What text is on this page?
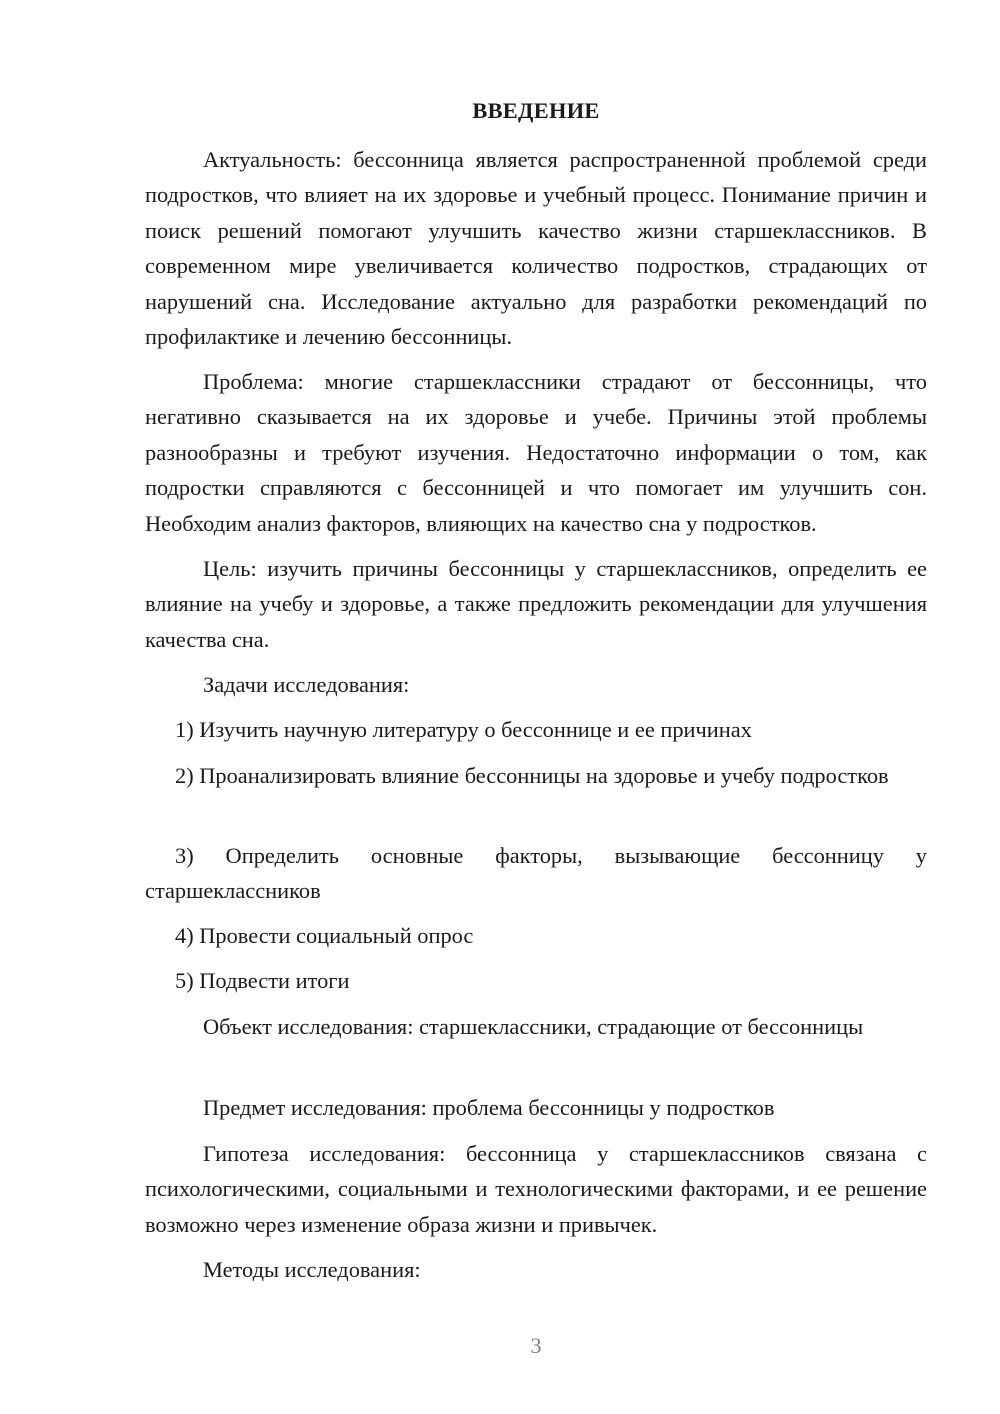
ВВЕДЕНИЕ

Актуальность: бессонница является распространенной проблемой среди подростков, что влияет на их здоровье и учебный процесс. Понимание причин и поиск решений помогают улучшить качество жизни старшеклассников. В современном мире увеличивается количество подростков, страдающих от нарушений сна. Исследование актуально для разработки рекомендаций по профилактике и лечению бессонницы.

Проблема: многие старшеклассники страдают от бессонницы, что негативно сказывается на их здоровье и учебе. Причины этой проблемы разнообразны и требуют изучения. Недостаточно информации о том, как подростки справляются с бессонницей и что помогает им улучшить сон. Необходим анализ факторов, влияющих на качество сна у подростков.

Цель: изучить причины бессонницы у старшеклассников, определить ее влияние на учебу и здоровье, а также предложить рекомендации для улучшения качества сна.

Задачи исследования:

1) Изучить научную литературу о бессоннице и ее причинах

2) Проанализировать влияние бессонницы на здоровье и учебу подростков

3) Определить основные факторы, вызывающие бессонницу у старшеклассников

4) Провести социальный опрос

5) Подвести итоги

Объект исследования: старшеклассники, страдающие от бессонницы

Предмет исследования: проблема бессонницы у подростков

Гипотеза исследования: бессонница у старшеклассников связана с психологическими, социальными и технологическими факторами, и ее решение возможно через изменение образа жизни и привычек.

Методы исследования:

3
